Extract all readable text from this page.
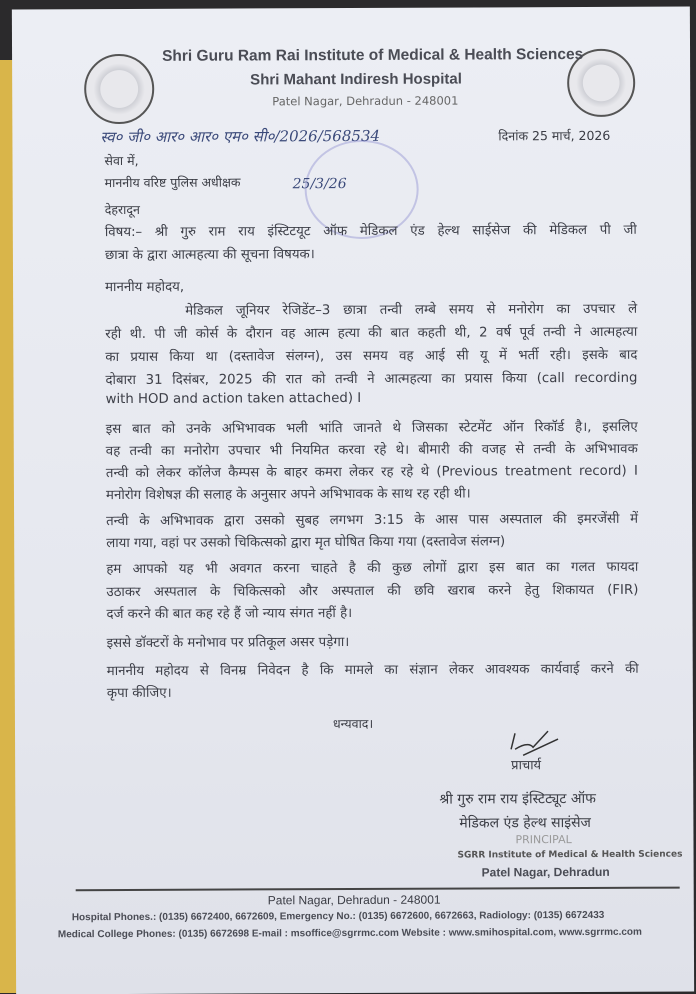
Shri Guru Ram Rai Institute of Medical & Health Sciences
Shri Mahant Indiresh Hospital
Patel Nagar, Dehradun - 248001
स्व० जी० आर० आर० एम० सी०/2026/568534	दिनांक 25 मार्च, 2026
25/3/26
सेवा में,
माननीय वरिष्ट पुलिस अधीक्षक
देहरादून
विषय:– श्री गुरु राम राय इंस्टिटयूट ऑफ मेडिकल एंड हेल्थ साईसेज की मेडिकल पी जी
छात्रा के द्वारा आत्महत्या की सूचना विषयक।
माननीय महोदय,
मेडिकल जूनियर रेजिडेंट–3 छात्रा तन्वी लम्बे समय से मनोरोग का उपचार ले
रही थी. पी जी कोर्स के दौरान वह आत्म हत्या की बात कहती थी, 2 वर्ष पूर्व तन्वी ने आत्महत्या
का प्रयास किया था (दस्तावेज संलग्न), उस समय वह आई सी यू में भर्ती रही। इसके बाद
दोबारा 31 दिसंबर, 2025 की रात को तन्वी ने आत्महत्या का प्रयास किया (call recording
with HOD and action taken attached) I
इस बात को उनके अभिभावक भली भांति जानते थे जिसका स्टेटमेंट ऑन रिकॉर्ड है।, इसलिए
वह तन्वी का मनोरोग उपचार भी नियमित करवा रहे थे। बीमारी की वजह से तन्वी के अभिभावक
तन्वी को लेकर कॉलेज कैम्पस के बाहर कमरा लेकर रह रहे थे (Previous treatment record) I
मनोरोग विशेषज्ञ की सलाह के अनुसार अपने अभिभावक के साथ रह रही थी।
तन्वी के अभिभावक द्वारा उसको सुबह लगभग 3:15 के आस पास अस्पताल की इमरजेंसी में
लाया गया, वहां पर उसको चिकित्सको द्वारा मृत घोषित किया गया (दस्तावेज संलग्न)
हम आपको यह भी अवगत करना चाहते है की कुछ लोगों द्वारा इस बात का गलत फायदा
उठाकर अस्पताल के चिकित्सको और अस्पताल की छवि खराब करने हेतु शिकायत (FIR)
दर्ज करने की बात कह रहे हैं जो न्याय संगत नहीं है।
इससे डॉक्टरों के मनोभाव पर प्रतिकूल असर पड़ेगा।
माननीय महोदय से विनम्र निवेदन है कि मामले का संज्ञान लेकर आवश्यक कार्यवाई करने की
कृपा कीजिए।
धन्यवाद।
प्राचार्य
श्री गुरु राम राय इंस्टिट्यूट ऑफ
मेडिकल एंड हेल्थ साइंसेज
PRINCIPAL
SGRR Institute of Medical & Health Sciences
Patel Nagar, Dehradun
Patel Nagar, Dehradun - 248001
Hospital Phones.: (0135) 6672400, 6672609, Emergency No.: (0135) 6672600, 6672663, Radiology: (0135) 6672433
Medical College Phones: (0135) 6672698 E-mail : msoffice@sgrrmc.com Website : www.smihospital.com, www.sgrrmc.com
